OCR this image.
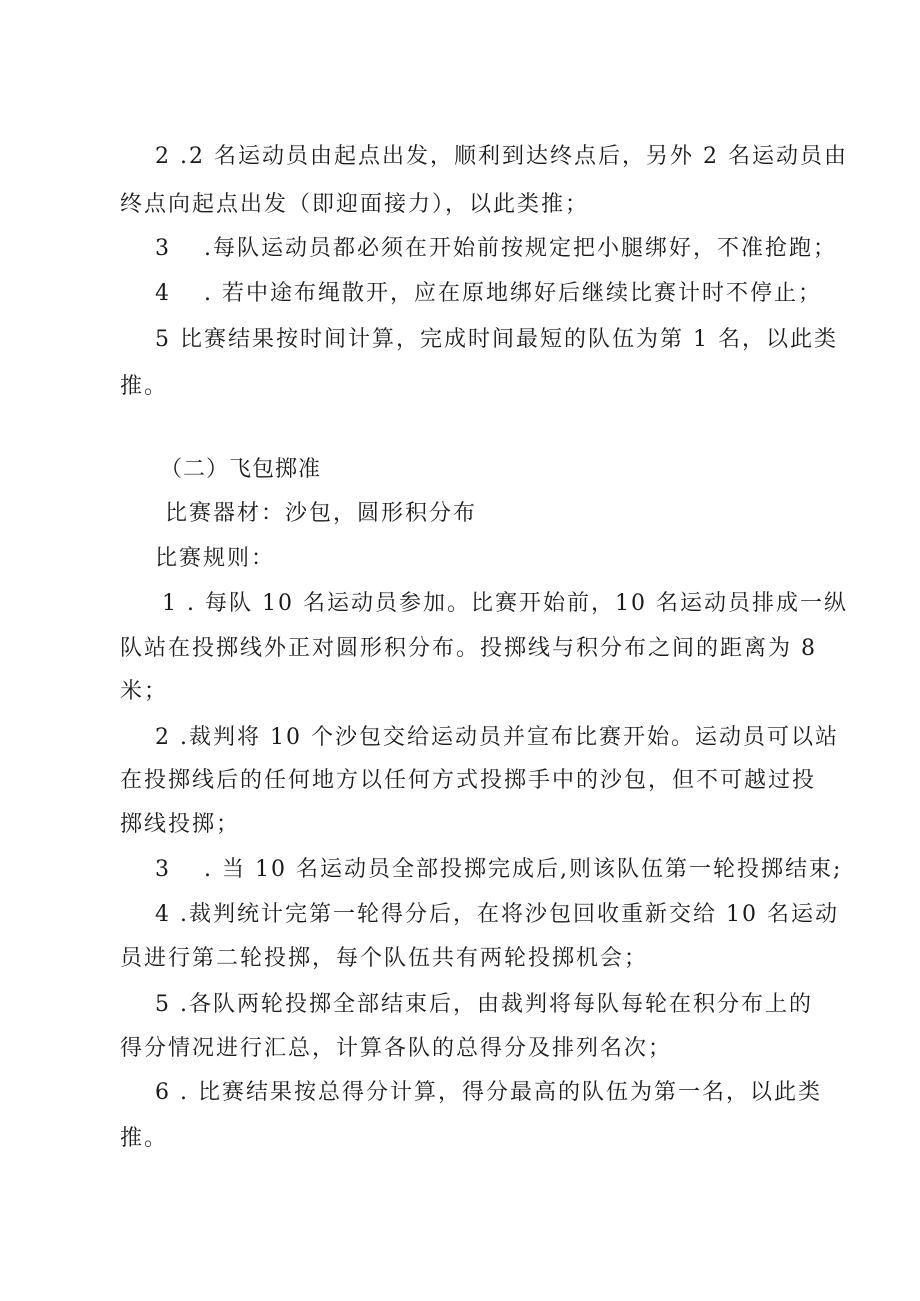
2 .2 名运动员由起点出发，顺利到达终点后，另外 2 名运动员由
终点向起点出发（即迎面接力），以此类推；
3 　.每队运动员都必须在开始前按规定把小腿绑好，不准抢跑；
4 　. 若中途布绳散开，应在原地绑好后继续比赛计时不停止；
5 比赛结果按时间计算，完成时间最短的队伍为第 1 名，以此类
推。
（二）飞包掷准
比赛器材：沙包，圆形积分布
比赛规则：
1 . 每队 10 名运动员参加。比赛开始前，10 名运动员排成一纵
队站在投掷线外正对圆形积分布。投掷线与积分布之间的距离为 8
米；
2 .裁判将 10 个沙包交给运动员并宣布比赛开始。运动员可以站
在投掷线后的任何地方以任何方式投掷手中的沙包，但不可越过投
掷线投掷；
3 　. 当 10 名运动员全部投掷完成后,则该队伍第一轮投掷结束;
4 .裁判统计完第一轮得分后，在将沙包回收重新交给 10 名运动
员进行第二轮投掷，每个队伍共有两轮投掷机会；
5 .各队两轮投掷全部结束后，由裁判将每队每轮在积分布上的
得分情况进行汇总，计算各队的总得分及排列名次；
6 . 比赛结果按总得分计算，得分最高的队伍为第一名，以此类
推。
